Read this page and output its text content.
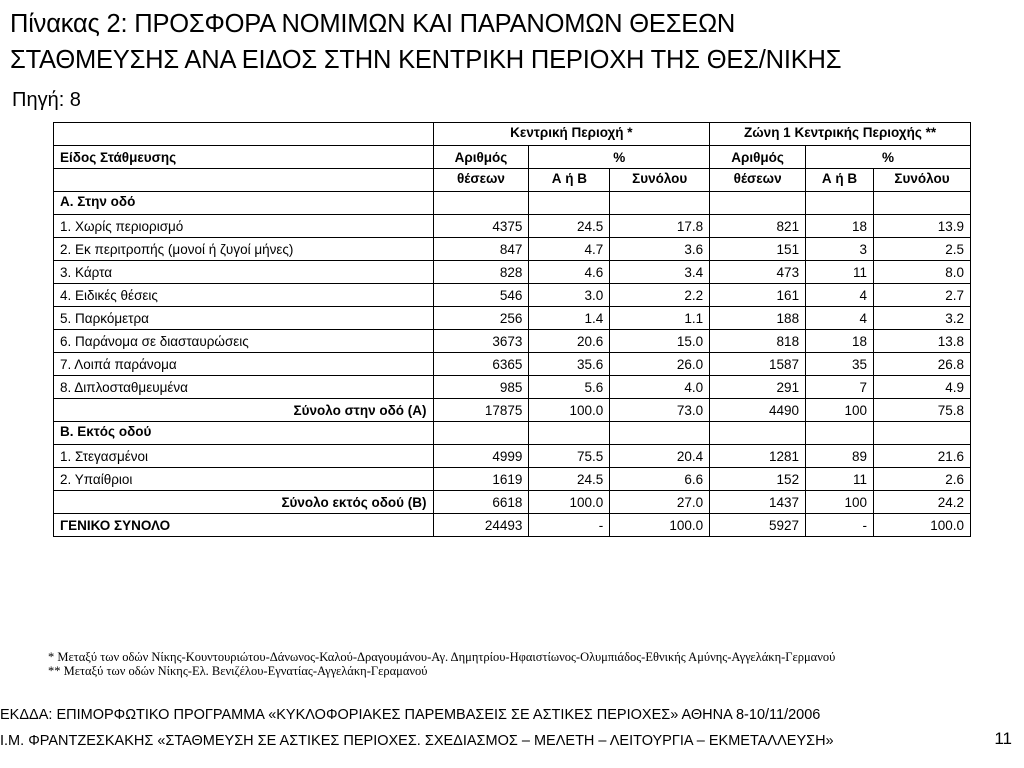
Πίνακας 2: ΠΡΟΣΦΟΡΑ ΝΟΜΙΜΩΝ ΚΑΙ ΠΑΡΑΝΟΜΩΝ ΘΕΣΕΩΝ
ΣΤΑΘΜΕΥΣΗΣ ΑΝΑ ΕΙΔΟΣ ΣΤΗΝ ΚΕΝΤΡΙΚΗ ΠΕΡΙΟΧΗ ΤΗΣ ΘΕΣ/ΝΙΚΗΣ
Πηγή: 8
	Κεντρική Περιοχή *			Ζώνη 1 Κεντρικής Περιοχής **		
Είδος Στάθμευσης	Αριθμός	%		Αριθμός	%	
	θέσεων	Α ή Β	Συνόλου	θέσεων	Α ή Β	Συνόλου
Α. Στην οδό						
1. Χωρίς περιορισμό	4375	24.5	17.8	821	18	13.9
2. Εκ περιτροπής (μονοί ή ζυγοί μήνες)	847	4.7	3.6	151	3	2.5
3. Κάρτα	828	4.6	3.4	473	11	8.0
4. Ειδικές θέσεις	546	3.0	2.2	161	4	2.7
5. Παρκόμετρα	256	1.4	1.1	188	4	3.2
6. Παράνομα σε διασταυρώσεις	3673	20.6	15.0	818	18	13.8
7. Λοιπά παράνομα	6365	35.6	26.0	1587	35	26.8
8. Διπλοσταθμευμένα	985	5.6	4.0	291	7	4.9
Σύνολο στην οδό (Α)	17875	100.0	73.0	4490	100	75.8
Β. Εκτός οδού						
1. Στεγασμένοι	4999	75.5	20.4	1281	89	21.6
2. Υπαίθριοι	1619	24.5	6.6	152	11	2.6
Σύνολο εκτός οδού (Β)	6618	100.0	27.0	1437	100	24.2
ΓΕΝΙΚΟ ΣΥΝΟΛΟ	24493	-	100.0	5927	-	100.0
* Μεταξύ των οδών Νίκης-Κουντουριώτου-Δάνωνος-Καλού-Δραγουμάνου-Αγ. Δημητρίου-Ηφαιστίωνος-Ολυμπιάδος-Εθνικής Αμύνης-Αγγελάκη-Γερμανού
** Μεταξύ των οδών Νίκης-Ελ. Βενιζέλου-Εγνατίας-Αγγελάκη-Γεραμανού
ΕΚΔΔΑ: ΕΠΙΜΟΡΦΩΤΙΚΟ ΠΡΟΓΡΑΜΜΑ «ΚΥΚΛΟΦΟΡΙΑΚΕΣ ΠΑΡΕΜΒΑΣΕΙΣ ΣΕ ΑΣΤΙΚΕΣ ΠΕΡΙΟΧΕΣ» ΑΘΗΝΑ 8-10/11/2006
Ι.Μ. ΦΡΑΝΤΖΕΣΚΑΚΗΣ «ΣΤΑΘΜΕΥΣΗ ΣΕ ΑΣΤΙΚΕΣ ΠΕΡΙΟΧΕΣ. ΣΧΕΔΙΑΣΜΟΣ – ΜΕΛΕΤΗ – ΛΕΙΤΟΥΡΓΙΑ – ΕΚΜΕΤΑΛΛΕΥΣΗ»	11
